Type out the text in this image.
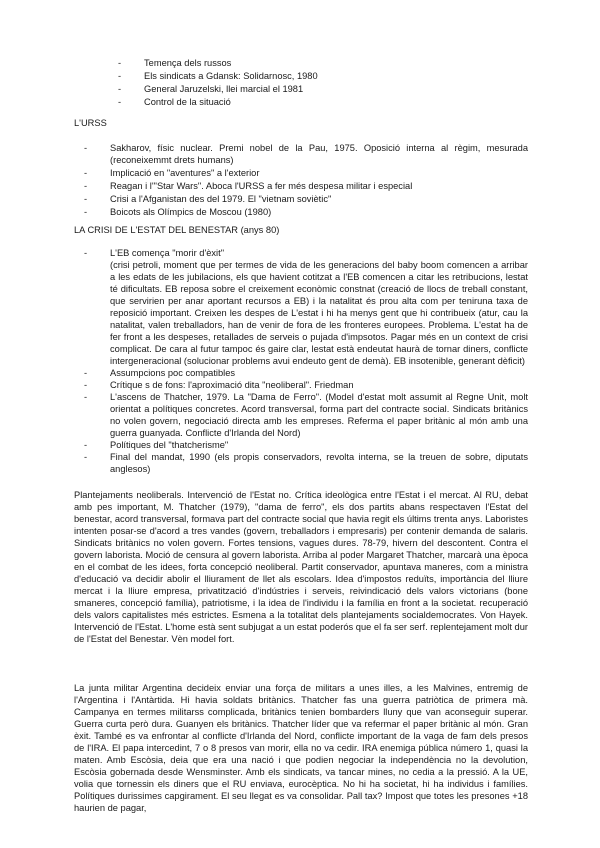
- Temença dels russos
- Els sindicats a Gdansk: Solidarnosc, 1980
- General Jaruzelski, llei marcial el 1981
- Control de la situació
L'URSS
- Sakharov, físic nuclear. Premi nobel de la Pau, 1975. Oposició interna al règim, mesurada (reconeixemmt drets humans)
- Implicació en "aventures" a l'exterior
- Reagan i l'"Star Wars". Aboca l'URSS a fer més despesa militar i especial
- Crisi a l'Afganistan des del 1979. El "vietnam soviètic"
- Boicots als Olímpics de Moscou (1980)
LA CRISI DE L'ESTAT DEL BENESTAR (anys 80)
- L'EB comença "morir d'èxit"
(crisi petroli, moment que per termes de vida de les generacions del baby boom comencen a arribar a les edats de les jubilacions, els que havient cotitzat a l'EB comencen a citar les retribucions, lestat té dificultats. EB reposa sobre el creixement econòmic constnat (creació de llocs de treball constant, que servirien per anar aportant recursos a EB) i la natalitat és prou alta com per teniruna taxa de reposició important. Creixen les despes de L'estat i hi ha menys gent que hi contribueix (atur, cau la natalitat, valen treballadors, han de venir de fora de les fronteres europees. Problema. L'estat ha de fer front a les despeses, retallades de serveis o pujada d'impsotos. Pagar més en un context de crisi complicat. De cara al futur tampoc és gaire clar, lestat està endeutat haurà de tornar diners, conflicte intergeneracional (solucionar problems avui endeuto gent de demà). EB insotenible, generant dèficit)
- Assumpcions poc compatibles
- Crítique s de fons: l'aproximació dita "neoliberal". Friedman
- L'ascens de Thatcher, 1979. La "Dama de Ferro". (Model d'estat molt assumit al Regne Unit, molt orientat a polítiques concretes. Acord transversal, forma part del contracte social. Sindicats britànics no volen govern, negociació directa amb les empreses. Referma el paper britànic al món amb una guerra guanyada. Conflicte d'Irlanda del Nord)
- Polítiques del "thatcherisme"
- Final del mandat, 1990 (els propis conservadors, revolta interna, se la treuen de sobre, diputats anglesos)

Plantejaments neoliberals. Intervenció de l'Estat no. Crítica ideològica entre l'Estat i el mercat. Al RU, debat amb pes important, M. Thatcher (1979), "dama de ferro", els dos partits abans respectaven l'Estat del benestar, acord transversal, formava part del contracte social que havia regit els últims trenta anys. Laboristes intenten posar-se d'acord a tres vandes (govern, treballadors i empresaris) per contenir demanda de salaris. Sindicats britànics no volen govern. Fortes tensions, vagues dures. 78-79, hivern del descontent. Contra el govern laborista. Moció de censura al govern laborista. Arriba al poder Margaret Thatcher, marcarà una època en el combat de les idees, forta concepció neoliberal. Partit conservador, apuntava maneres, com a ministra d'educació va decidir abolir el lliurament de llet als escolars. Idea d'impostos reduïts, importància del lliure mercat i la lliure empresa, privatització d'indústries i serveis, reivindicació dels valors victorians (bone smaneres, concepció família), patriotisme, i la idea de l'individu i la família en front a la societat. recuperació dels valors capitalistes més estrictes. Esmena a la totalitat dels plantejaments socialdemocrates. Von Hayek. Intervenció de l'Estat. L'home està sent subjugat a un estat poderós que el fa ser serf. replentejament molt dur de l'Estat del Benestar. Vèn model fort.

La junta militar Argentina decideix enviar una força de militars a unes illes, a les Malvines, entremig de l'Argentina i l'Antàrtida. Hi havia soldats britànics. Thatcher fas una guerra patriòtica de primera mà. Campanya en termes militarss complicada, britànics tenien bombarders lluny que van aconseguir superar. Guerra curta però dura. Guanyen els britànics. Thatcher líder que va refermar el paper britànic al món. Gran èxit. També es va enfrontar al conflicte d'Irlanda del Nord, conflicte important de la vaga de fam dels presos de l'IRA. El papa intercedint, 7 o 8 presos van morir, ella no va cedir. IRA enemiga pública número 1, quasi la maten. Amb Escòsia, deia que era una nació i que podien negociar la independència no la devolution, Escòsia gobernada desde Wensminster. Amb els sindicats, va tancar mines, no cedia a la pressió. A la UE, volia que tornessin els diners que el RU enviava, eurocèptica. No hi ha societat, hi ha individus i famílies. Polítiques durissimes capgirament. El seu llegat es va consolidar. Pall tax? Impost que totes les presones +18 haurien de pagar,
